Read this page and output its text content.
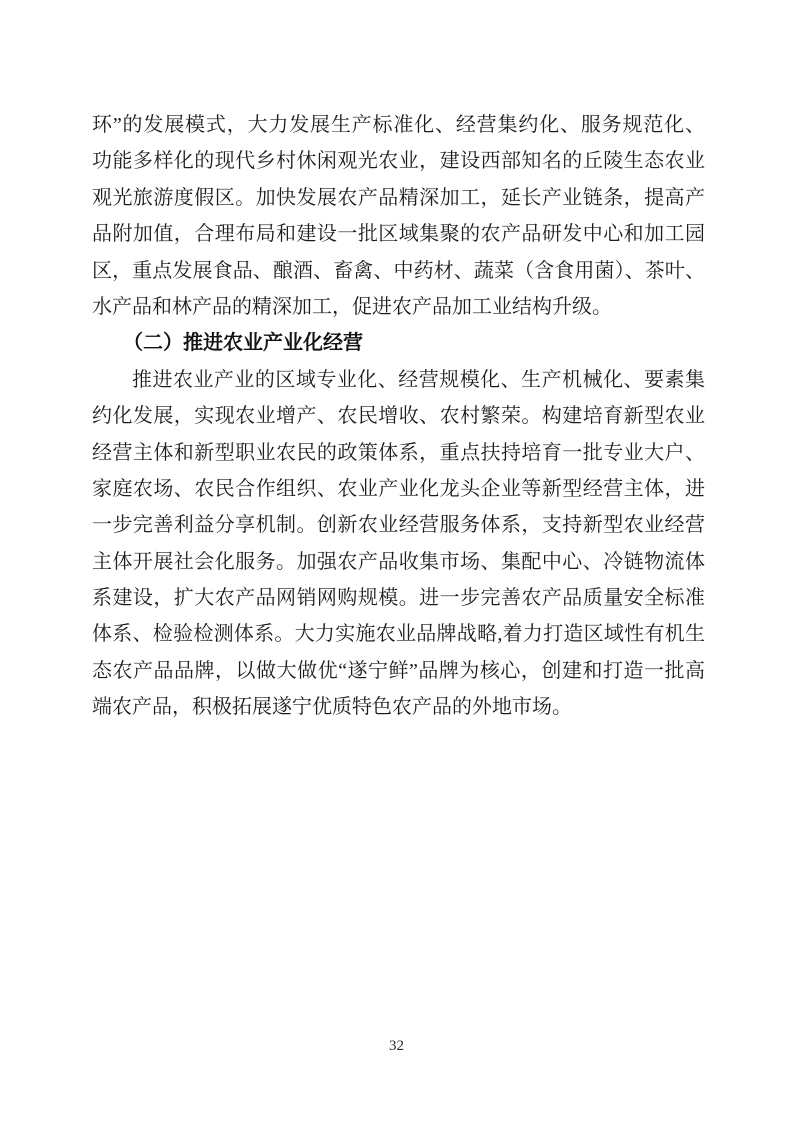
环”的发展模式，大力发展生产标准化、经营集约化、服务规范化、
功能多样化的现代乡村休闲观光农业，建设西部知名的丘陵生态农业
观光旅游度假区。加快发展农产品精深加工，延长产业链条，提高产
品附加值，合理布局和建设一批区域集聚的农产品研发中心和加工园
区，重点发展食品、酿酒、畜禽、中药材、蔬菜（含食用菌）、茶叶、
水产品和林产品的精深加工，促进农产品加工业结构升级。
（二）推进农业产业化经营
推进农业产业的区域专业化、经营规模化、生产机械化、要素集
约化发展，实现农业增产、农民增收、农村繁荣。构建培育新型农业
经营主体和新型职业农民的政策体系，重点扶持培育一批专业大户、
家庭农场、农民合作组织、农业产业化龙头企业等新型经营主体，进
一步完善利益分享机制。创新农业经营服务体系，支持新型农业经营
主体开展社会化服务。加强农产品收集市场、集配中心、冷链物流体
系建设，扩大农产品网销网购规模。进一步完善农产品质量安全标准
体系、检验检测体系。大力实施农业品牌战略,着力打造区域性有机生
态农产品品牌，以做大做优“遂宁鲜”品牌为核心，创建和打造一批高
端农产品，积极拓展遂宁优质特色农产品的外地市场。
32
